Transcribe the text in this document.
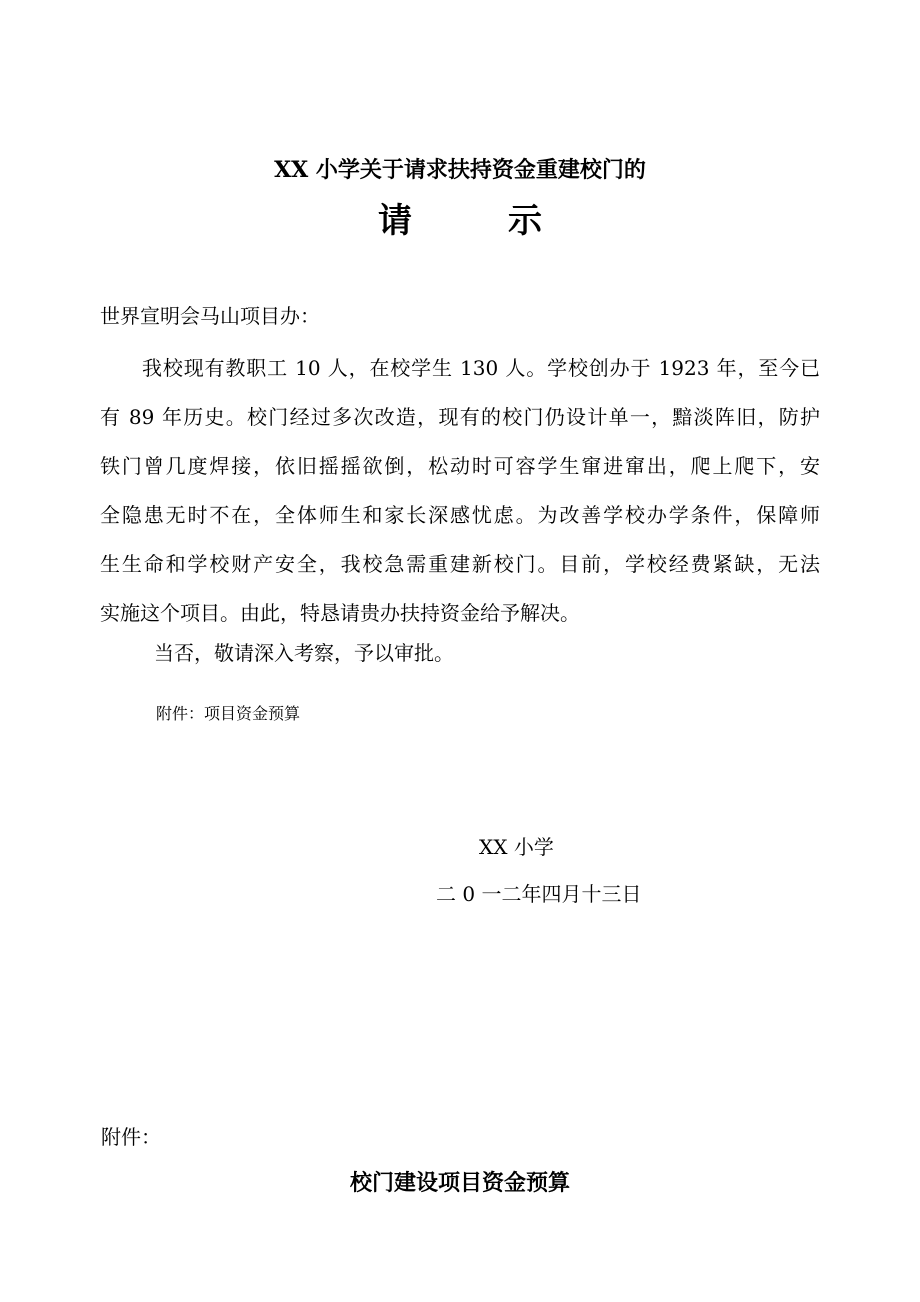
XX 小学关于请求扶持资金重建校门的
请	示
世界宣明会马山项目办：
我校现有教职工 10 人，在校学生 130 人。学校创办于 1923 年，至今已
有 89 年历史。校门经过多次改造，现有的校门仍设计单一，黯淡阵旧，防护
铁门曾几度焊接，依旧摇摇欲倒，松动时可容学生窜进窜出，爬上爬下，安
全隐患无时不在，全体师生和家长深感忧虑。为改善学校办学条件，保障师
生生命和学校财产安全，我校急需重建新校门。目前，学校经费紧缺，无法
实施这个项目。由此，特恳请贵办扶持资金给予解决。
当否，敬请深入考察，予以审批。
附件：项目资金预算
XX 小学
二 0 一二年四月十三日
附件：
校门建设项目资金预算
